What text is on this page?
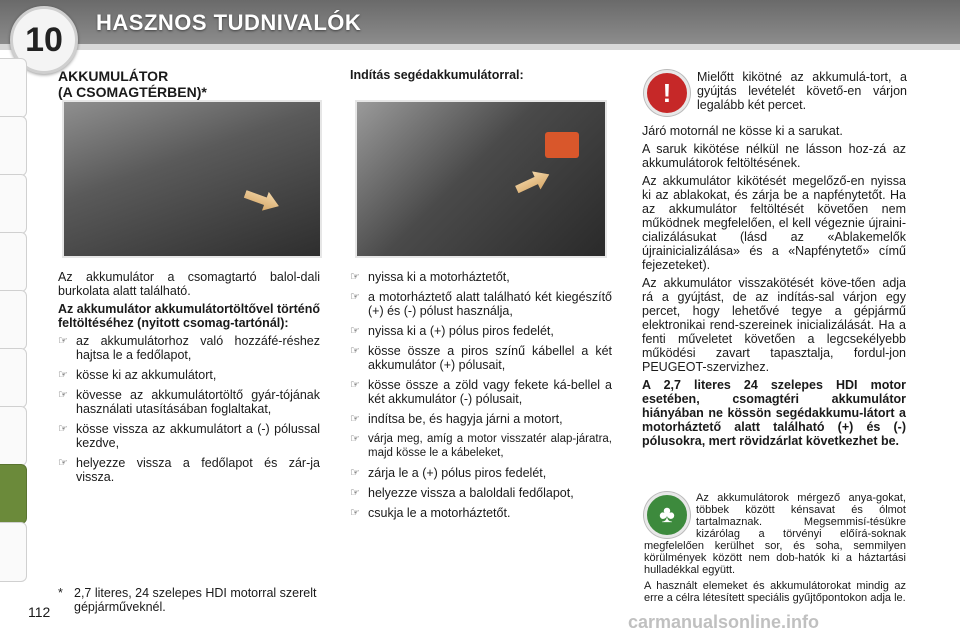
10	HASZNOS TUDNIVALÓK
AKKUMULÁTOR
(A CSOMAGTÉRBEN)*

Az akkumulátor a csomagtartó balol-dali burkolata alatt található.

Az akkumulátor akkumulátortöltővel történő feltöltéséhez (nyitott csomag-tartónál):

☞ az akkumulátorhoz való hozzáfé-réshez hajtsa le a fedőlapot,
☞ kösse ki az akkumulátort,
☞ kövesse az akkumulátortöltő gyár-tójának használati utasításában foglaltakat,
☞ kösse vissza az akkumulátort a (-) pólussal kezdve,
☞ helyezze vissza a fedőlapot és zár-ja vissza.
* 2,7 literes, 24 szelepes HDI motorral szerelt gépjárműveknél.
Indítás segédakkumulátorral:
☞ nyissa ki a motorháztetőt,
☞ a motorháztető alatt található két kiegészítő (+) és (-) pólust használja,
☞ nyissa ki a (+) pólus piros fedelét,
☞ kösse össze a piros színű kábellel a két akkumulátor (+) pólusait,
☞ kösse össze a zöld vagy fekete ká-bellel a két akkumulátor (-) pólusait,
☞ indítsa be, és hagyja járni a motort,
☞ várja meg, amíg a motor visszatér alap-járatra, majd kösse le a kábeleket,
☞ zárja le a (+) pólus piros fedelét,
☞ helyezze vissza a baloldali fedőlapot,
☞ csukja le a motorháztetőt.
!
Mielőtt kikötné az akkumulá-tort, a gyújtás levételét követő-en várjon legalább két percet.

Járó motornál ne kösse ki a sarukat.

A saruk kikötése nélkül ne lásson hoz-zá az akkumulátorok feltöltésének.

Az akkumulátor kikötését megelőző-en nyissa ki az ablakokat, és zárja be a napfénytetőt. Ha az akkumulátor feltöltését követően nem működnek megfelelően, el kell végeznie újraini-cializálásukat (lásd az «Ablakemelők újrainicializálása» és a «Napfénytető» című fejezeteket).

Az akkumulátor visszakötését köve-tően adja rá a gyújtást, de az indítás-sal várjon egy percet, hogy lehetővé tegye a gépjármű elektronikai rend-szereinek inicializálását. Ha a fenti műveletet követően a legcsekélyebb működési zavart tapasztalja, fordul-jon PEUGEOT-szervizhez.

A 2,7 literes 24 szelepes HDI motor esetében, csomagtéri akkumulátor hiányában ne kössön segédakkumu-látort a motorháztető alatt található (+) és (-) pólusokra, mert rövidzárlat következhet be.

Az akkumulátorok mérgező anya-gokat, többek között kénsavat és ólmot tartalmaznak. Megsemmisí-tésükre kizárólag a törvényi előírá-soknak megfelelően kerülhet sor, és soha, semmilyen körülmények között nem dob-hatók ki a háztartási hulladékkal együtt.

A használt elemeket és akkumulátorokat mindig az erre a célra létesített speciális gyűjtőpontokon adja le.

♣
112	carmanualsonline.info
